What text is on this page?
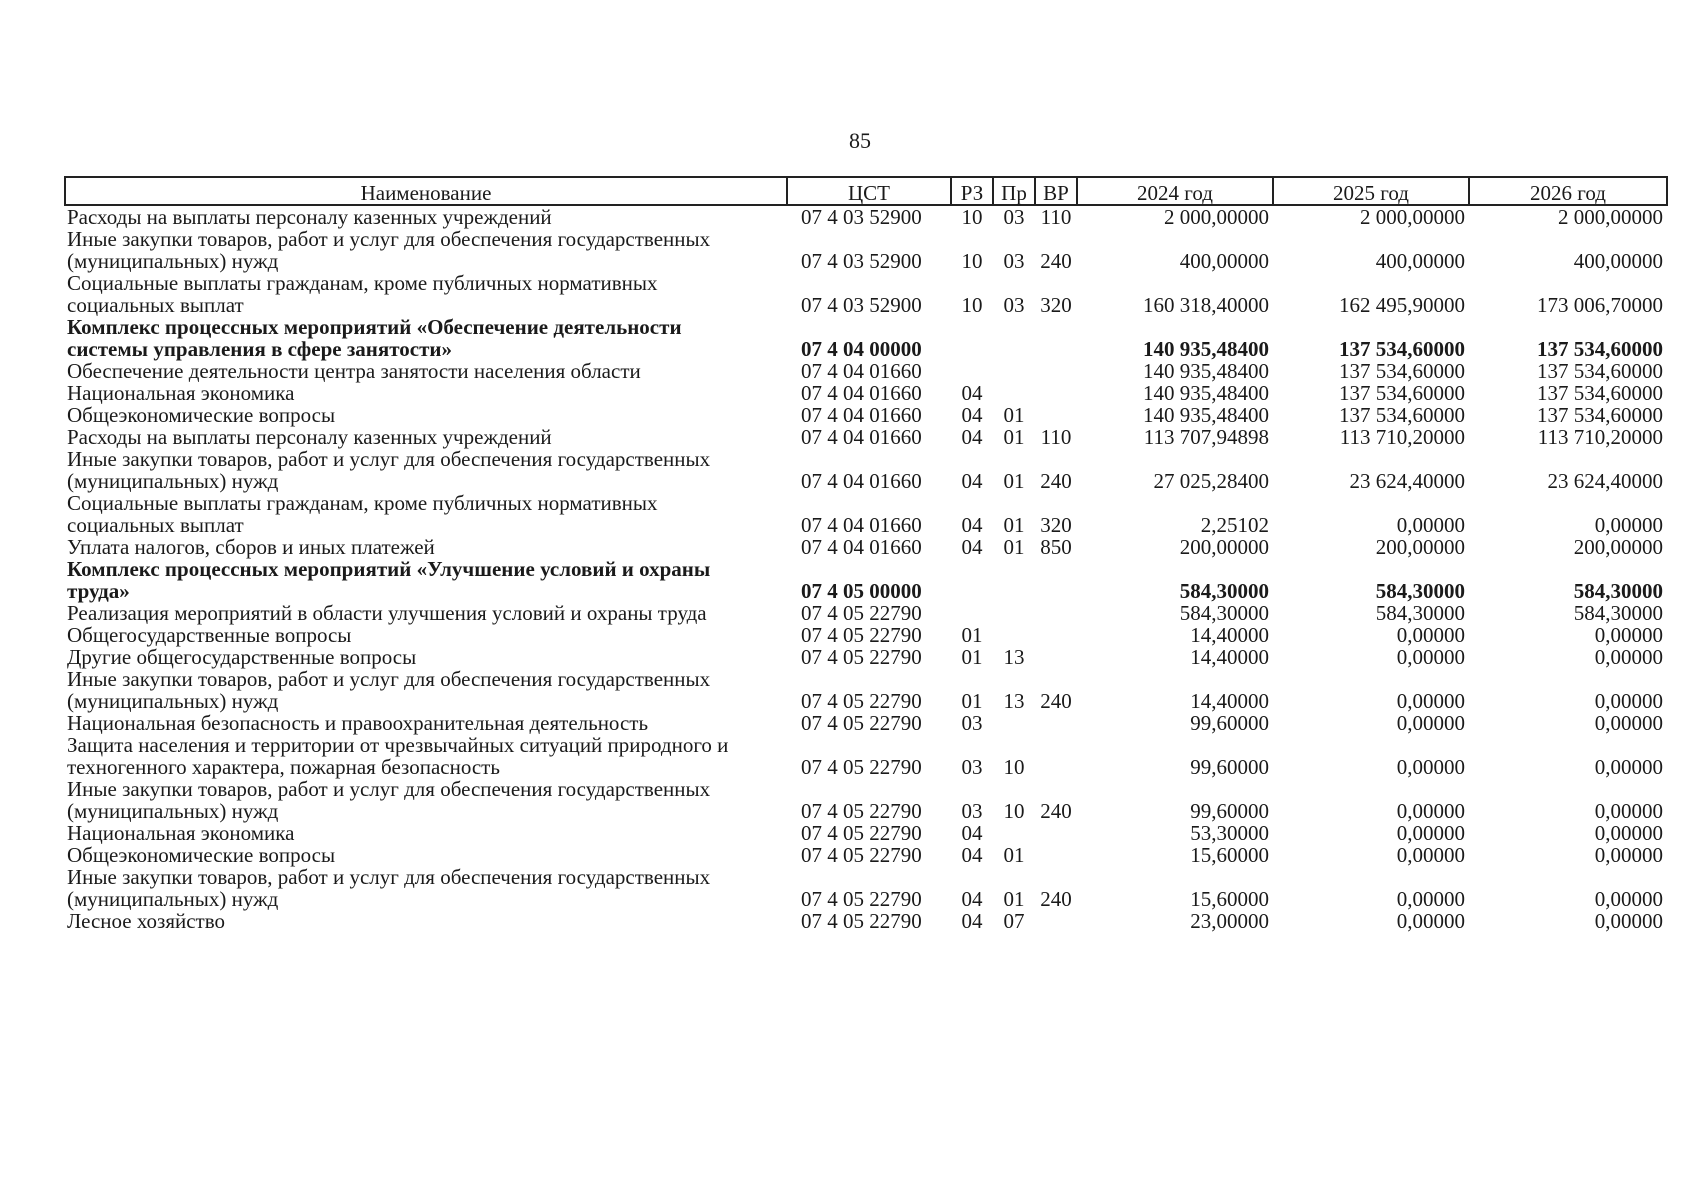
85
Наименование	ЦСТ	РЗ	Пр	ВР	2024 год	2025 год	2026 год
Расходы на выплаты персоналу казенных учреждений	07 4 03 52900	10	03	110	2 000,00000	2 000,00000	2 000,00000
Иные закупки товаров, работ и услуг для обеспечения государственных (муниципальных) нужд	07 4 03 52900	10	03	240	400,00000	400,00000	400,00000
Социальные выплаты гражданам, кроме публичных нормативных социальных выплат	07 4 03 52900	10	03	320	160 318,40000	162 495,90000	173 006,70000
Комплекс процессных мероприятий «Обеспечение деятельности системы управления в сфере занятости»	07 4 04 00000				140 935,48400	137 534,60000	137 534,60000
Обеспечение деятельности центра занятости населения области	07 4 04 01660				140 935,48400	137 534,60000	137 534,60000
Национальная экономика	07 4 04 01660	04			140 935,48400	137 534,60000	137 534,60000
Общеэкономические вопросы	07 4 04 01660	04	01		140 935,48400	137 534,60000	137 534,60000
Расходы на выплаты персоналу казенных учреждений	07 4 04 01660	04	01	110	113 707,94898	113 710,20000	113 710,20000
Иные закупки товаров, работ и услуг для обеспечения государственных (муниципальных) нужд	07 4 04 01660	04	01	240	27 025,28400	23 624,40000	23 624,40000
Социальные выплаты гражданам, кроме публичных нормативных социальных выплат	07 4 04 01660	04	01	320	2,25102	0,00000	0,00000
Уплата налогов, сборов и иных платежей	07 4 04 01660	04	01	850	200,00000	200,00000	200,00000
Комплекс процессных мероприятий «Улучшение условий и охраны труда»	07 4 05 00000				584,30000	584,30000	584,30000
Реализация мероприятий в области улучшения условий и охраны труда	07 4 05 22790				584,30000	584,30000	584,30000
Общегосударственные вопросы	07 4 05 22790	01			14,40000	0,00000	0,00000
Другие общегосударственные вопросы	07 4 05 22790	01	13		14,40000	0,00000	0,00000
Иные закупки товаров, работ и услуг для обеспечения государственных (муниципальных) нужд	07 4 05 22790	01	13	240	14,40000	0,00000	0,00000
Национальная безопасность и правоохранительная деятельность	07 4 05 22790	03			99,60000	0,00000	0,00000
Защита населения и территории от чрезвычайных ситуаций природного и техногенного характера, пожарная безопасность	07 4 05 22790	03	10		99,60000	0,00000	0,00000
Иные закупки товаров, работ и услуг для обеспечения государственных (муниципальных) нужд	07 4 05 22790	03	10	240	99,60000	0,00000	0,00000
Национальная экономика	07 4 05 22790	04			53,30000	0,00000	0,00000
Общеэкономические вопросы	07 4 05 22790	04	01		15,60000	0,00000	0,00000
Иные закупки товаров, работ и услуг для обеспечения государственных (муниципальных) нужд	07 4 05 22790	04	01	240	15,60000	0,00000	0,00000
Лесное хозяйство	07 4 05 22790	04	07		23,00000	0,00000	0,00000
